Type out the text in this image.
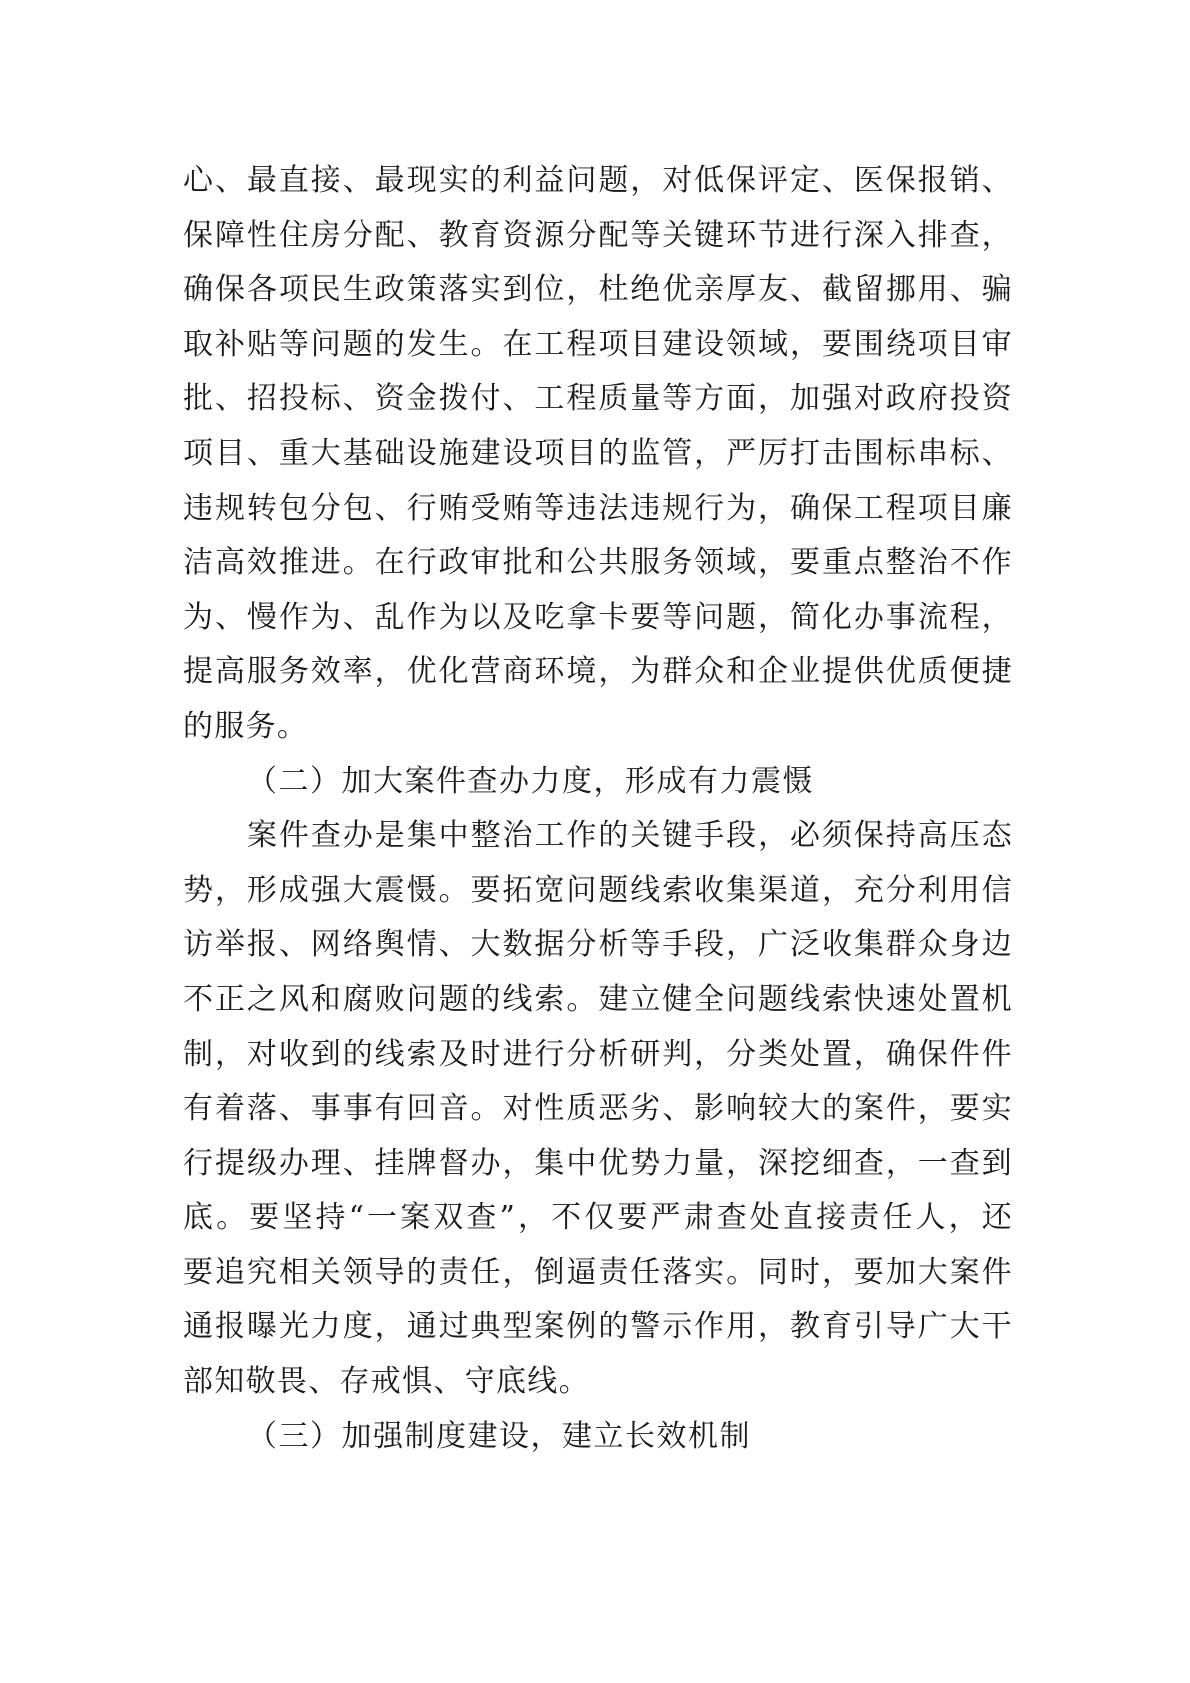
心、最直接、最现实的利益问题，对低保评定、医保报销、
保障性住房分配、教育资源分配等关键环节进行深入排查，
确保各项民生政策落实到位，杜绝优亲厚友、截留挪用、骗
取补贴等问题的发生。在工程项目建设领域，要围绕项目审
批、招投标、资金拨付、工程质量等方面，加强对政府投资
项目、重大基础设施建设项目的监管，严厉打击围标串标、
违规转包分包、行贿受贿等违法违规行为，确保工程项目廉
洁高效推进。在行政审批和公共服务领域，要重点整治不作
为、慢作为、乱作为以及吃拿卡要等问题，简化办事流程，
提高服务效率，优化营商环境，为群众和企业提供优质便捷
的服务。
（二）加大案件查办力度，形成有力震慑
案件查办是集中整治工作的关键手段，必须保持高压态
势，形成强大震慑。要拓宽问题线索收集渠道，充分利用信
访举报、网络舆情、大数据分析等手段，广泛收集群众身边
不正之风和腐败问题的线索。建立健全问题线索快速处置机
制，对收到的线索及时进行分析研判，分类处置，确保件件
有着落、事事有回音。对性质恶劣、影响较大的案件，要实
行提级办理、挂牌督办，集中优势力量，深挖细查，一查到
底。要坚持“一案双查”，不仅要严肃查处直接责任人，还
要追究相关领导的责任，倒逼责任落实。同时，要加大案件
通报曝光力度，通过典型案例的警示作用，教育引导广大干
部知敬畏、存戒惧、守底线。
（三）加强制度建设，建立长效机制
